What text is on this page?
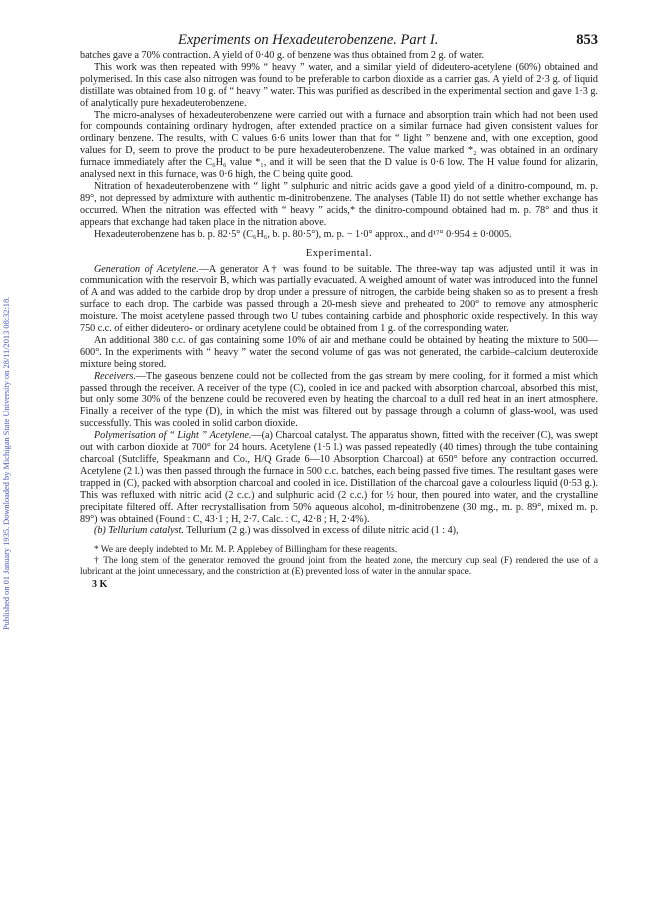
Published on 01 January 1935. Downloaded by Michigan State University on 28/11/2013 08:32:18.
Experiments on Hexadeuterobenzene. Part I.	853

batches gave a 70% contraction. A yield of 0·40 g. of benzene was thus obtained from 2 g. of water.

This work was then repeated with 99% “ heavy ” water, and a similar yield of dideutero-acetylene (60%) obtained and polymerised. In this case also nitrogen was found to be preferable to carbon dioxide as a carrier gas. A yield of 2·3 g. of liquid distillate was obtained from 10 g. of “ heavy ” water. This was purified as described in the experimental section and gave 1·3 g. of analytically pure hexadeuterobenzene.

The micro-analyses of hexadeuterobenzene were carried out with a furnace and absorption train which had not been used for compounds containing ordinary hydrogen, after extended practice on a similar furnace had given consistent values for ordinary benzene. The results, with C values 6·6 units lower than that for “ light ” benzene and, with one exception, good values for D, seem to prove the product to be pure hexadeuterobenzene. The value marked *₂ was obtained in an ordinary furnace immediately after the C₆H₆ value *₁, and it will be seen that the D value is 0·6 low. The H value found for alizarin, analysed next in this furnace, was 0·6 high, the C being quite good.

Nitration of hexadeuterobenzene with “ light ” sulphuric and nitric acids gave a good yield of a dinitro-compound, m. p. 89°, not depressed by admixture with authentic m-dinitrobenzene. The analyses (Table II) do not settle whether exchange has occurred. When the nitration was effected with “ heavy ” acids,* the dinitro-compound obtained had m. p. 78° and thus it appears that exchange had taken place in the nitration above.

Hexadeuterobenzene has b. p. 82·5° (C₆H₆, b. p. 80·5°), m. p. − 1·0° approx., and d¹⁷° 0·954 ± 0·0005.

Experimental.

Generation of Acetylene.—A generator A† was found to be suitable. The three-way tap was adjusted until it was in communication with the reservoir B, which was partially evacuated. A weighed amount of water was introduced into the funnel of A and was added to the carbide drop by drop under a pressure of nitrogen, the carbide being shaken so as to present a fresh surface to each drop. The carbide was passed through a 20-mesh sieve and preheated to 200° to remove any atmospheric moisture. The moist acetylene passed through two U tubes containing carbide and phosphoric oxide respectively. In this way 750 c.c. of either dideutero- or ordinary acetylene could be obtained from 1 g. of the corresponding water.

An additional 380 c.c. of gas containing some 10% of air and methane could be obtained by heating the mixture to 500—600°. In the experiments with “ heavy ” water the second volume of gas was not generated, the carbide–calcium deuteroxide mixture being stored.

Receivers.—The gaseous benzene could not be collected from the gas stream by mere cooling, for it formed a mist which passed through the receiver. A receiver of the type (C), cooled in ice and packed with absorption charcoal, absorbed this mist, but only some 30% of the benzene could be recovered even by heating the charcoal to a dull red heat in an inert atmosphere. Finally a receiver of the type (D), in which the mist was filtered out by passage through a column of glass-wool, was used successfully. This was cooled in solid carbon dioxide.

Polymerisation of “ Light ” Acetylene.—(a) Charcoal catalyst. The apparatus shown, fitted with the receiver (C), was swept out with carbon dioxide at 700° for 24 hours. Acetylene (1·5 l.) was passed repeatedly (40 times) through the tube containing charcoal (Sutcliffe, Speakmann and Co., H/Q Grade 6—10 Absorption Charcoal) at 650° before any contraction occurred. Acetylene (2 l.) was then passed through the furnace in 500 c.c. batches, each being passed five times. The resultant gases were trapped in (C), packed with absorption charcoal and cooled in ice. Distillation of the charcoal gave a colourless liquid (0·53 g.). This was refluxed with nitric acid (2 c.c.) and sulphuric acid (2 c.c.) for ½ hour, then poured into water, and the crystalline precipitate filtered off. After recrystallisation from 50% aqueous alcohol, m-dinitrobenzene (30 mg., m. p. 89°, mixed m. p. 89°) was obtained (Found : C, 43·1 ; H, 2·7. Calc. : C, 42·8 ; H, 2·4%).

(b) Tellurium catalyst. Tellurium (2 g.) was dissolved in excess of dilute nitric acid (1 : 4),

* We are deeply indebted to Mr. M. P. Applebey of Billingham for these reagents.

† The long stem of the generator removed the ground joint from the heated zone, the mercury cup seal (F) rendered the use of a lubricant at the joint unnecessary, and the constriction at (E) prevented loss of water in the annular space.

3 K
